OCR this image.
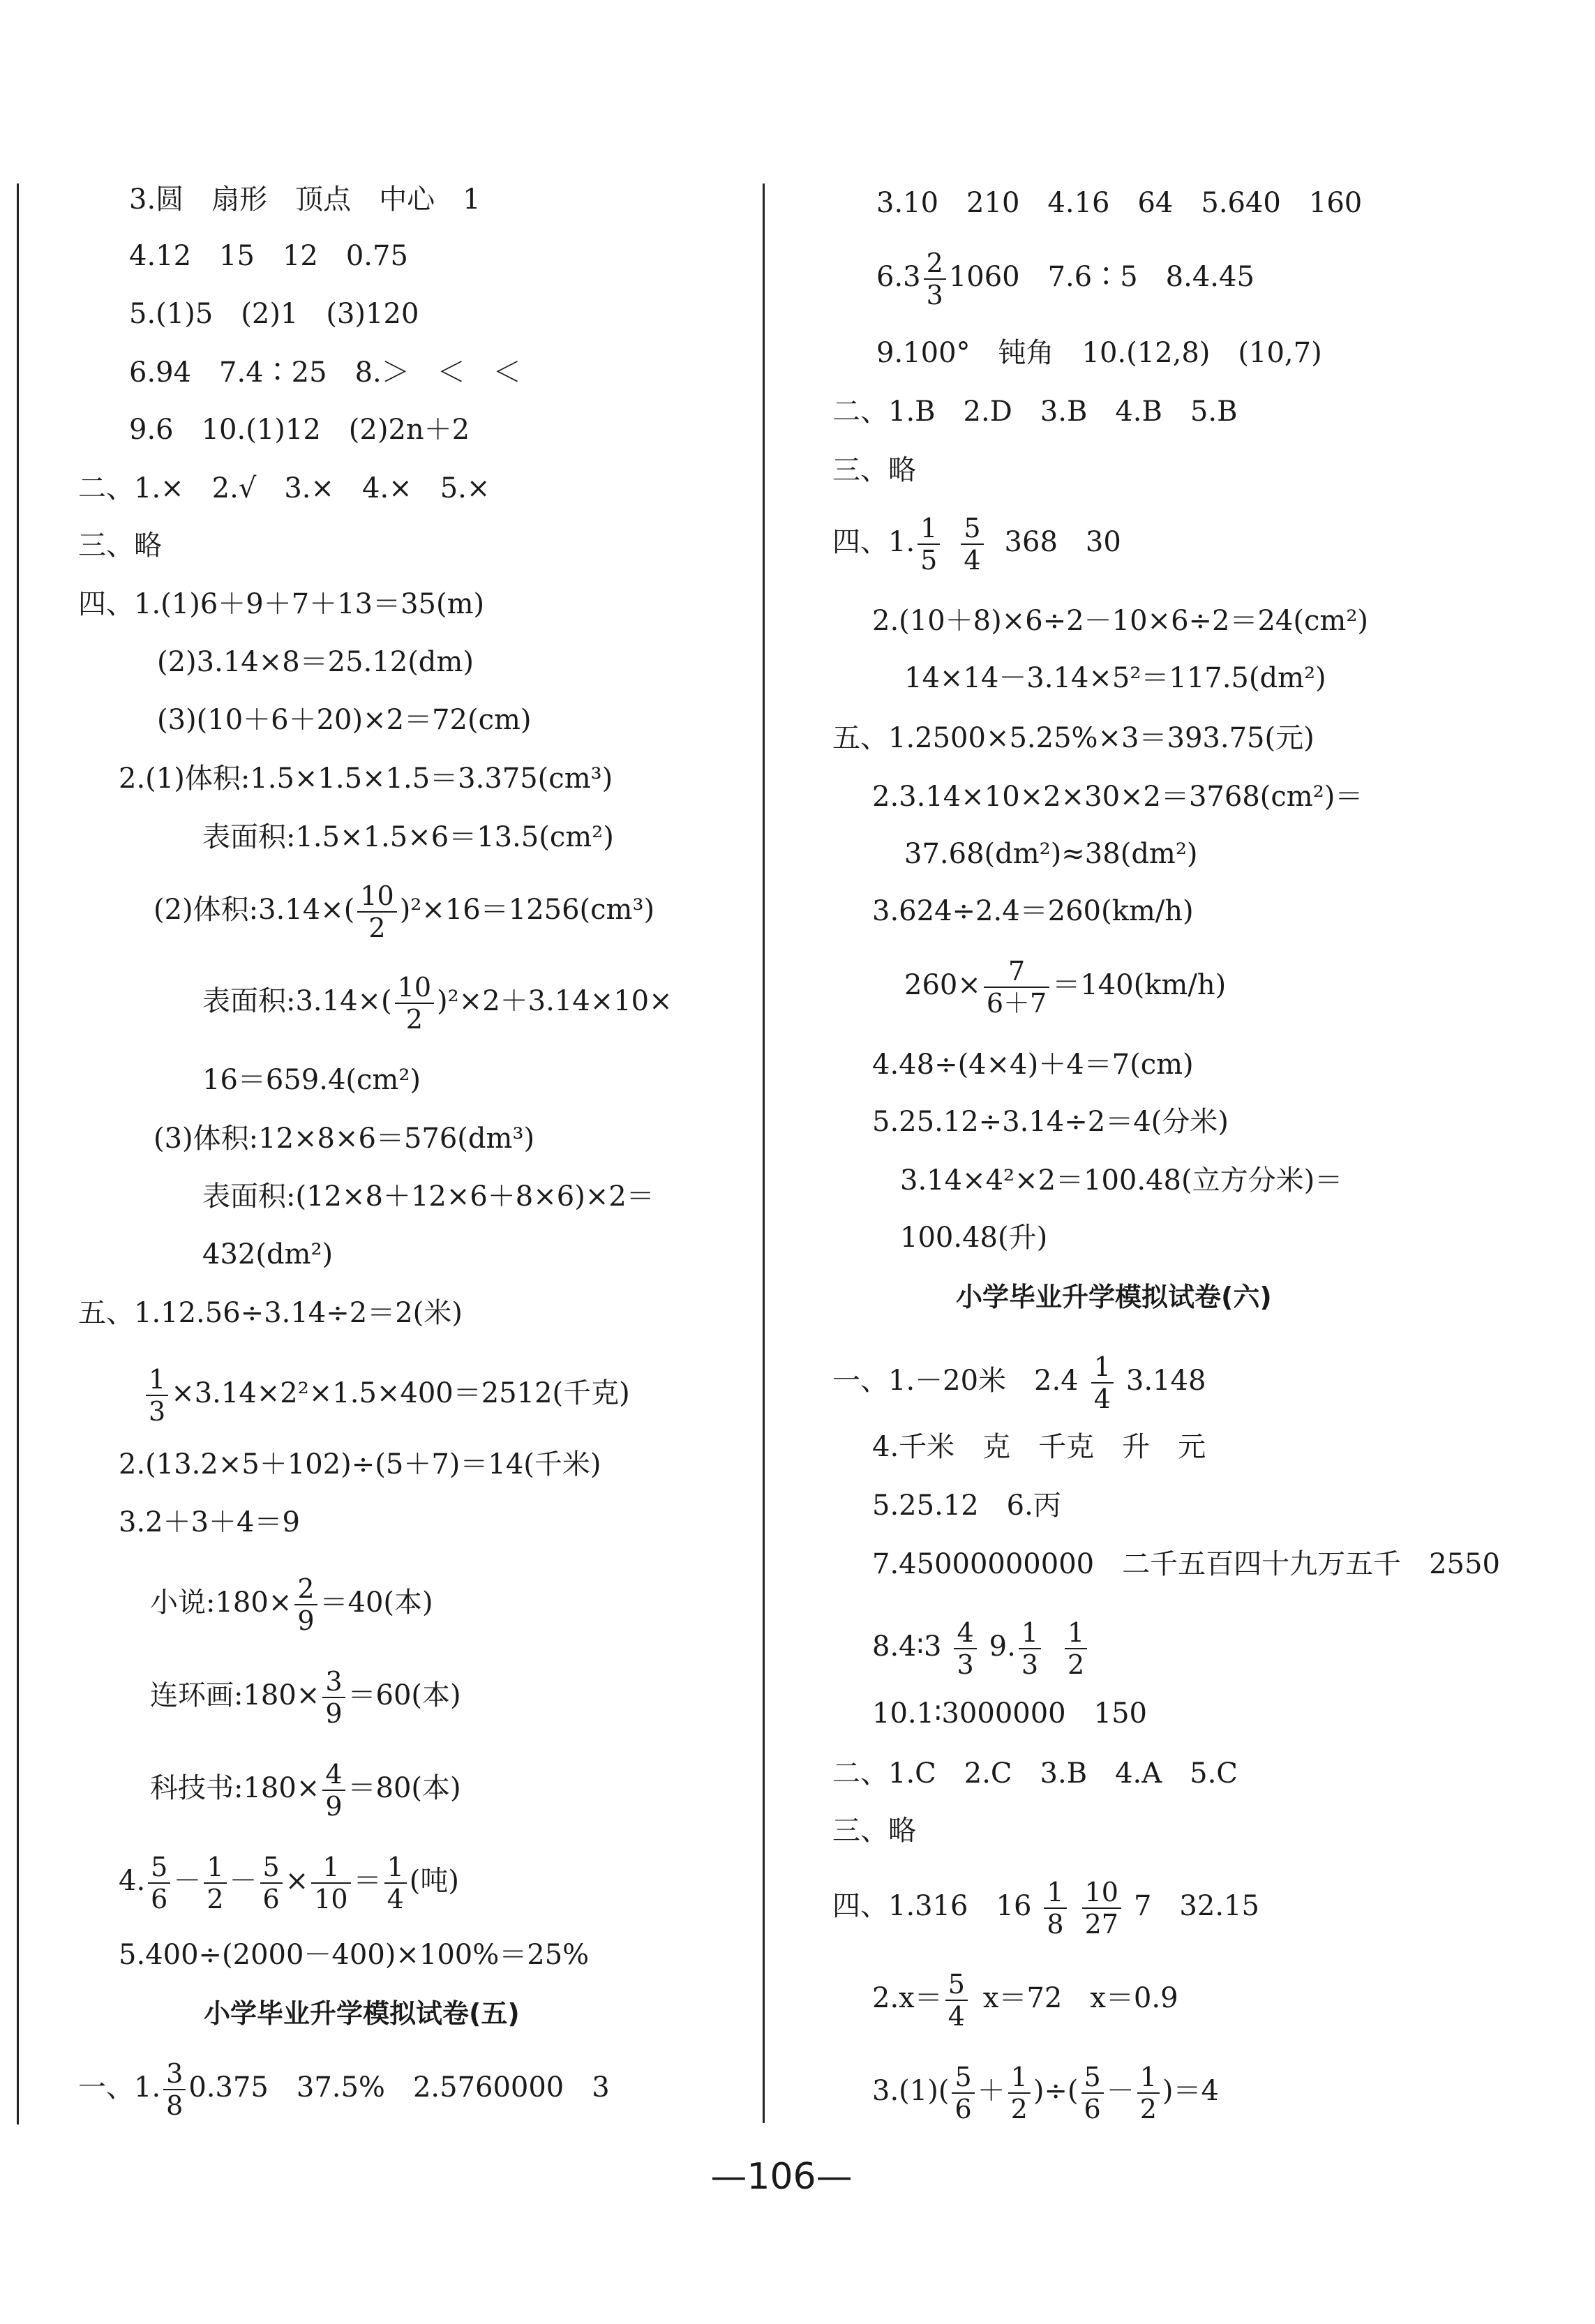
3.圆　扇形　顶点　中心　1
4.12　15　12　0.75
5.(1)5　(2)1　(3)120
6.94　7.4∶25　8.＞　＜　＜
9.6　10.(1)12　(2)2n＋2
二、1.×　2.√　3.×　4.×　5.×
三、略
四、1.(1)6＋9＋7＋13＝35(m)
(2)3.14×8＝25.12(dm)
(3)(10＋6＋20)×2＝72(cm)
2.(1)体积:1.5×1.5×1.5＝3.375(cm³)
表面积:1.5×1.5×6＝13.5(cm²)
(2)体积:3.14×( $\frac{10}{2} )^2\times 16=1256(cm^3)$
表面积:3.14×( $\frac{10}{2} )^2\times 2+3.14\times 10\times$
16＝659.4(cm²)
(3)体积:12×8×6＝576(dm³)
表面积:(12×8＋12×6＋8×6)×2＝
432(dm²)
五、1.12.56÷3.14÷2＝2(米)
$\frac{1}{3} \times 3.14\times 2^2\times 1.5\times 400=2512$(千克)
2.(13.2×5＋102)÷(5＋7)＝14(千米)
3.2＋3＋4＝9
小说:180× $\frac{2}{9} =40$(本)
连环画:180× $\frac{3}{9} =60$(本)
科技书:180× $\frac{4}{9} =80$(本)
4. $\frac{5}{6} - \frac{1}{2} - \frac{5}{6} \times \frac{1}{10} = \frac{1}{4}$ (吨)
5.400÷(2000－400)×100%＝25%
小学毕业升学模拟试卷(五)
一、1. $\frac{3}{8} 0.375$　37.5%　2.5760000　3
3.10　210　4.16　64　5.640　160
$6.3 \frac{2}{3} 1060$　7.6∶5　8.4.45
9.100°　钝角　10.(12,8)　(10,7)
二、1.B　2.D　3.B　4.B　5.B
三、略
四、1. $\frac{1}{5} \frac{5}{4} 368$　30
2.(10＋8)×6÷2－10×6÷2＝24(cm²)
14×14－3.14×5²＝117.5(dm²)
五、1.2500×5.25%×3＝393.75(元)
2.3.14×10×2×30×2＝3768(cm²)＝
37.68(dm²)≈38(dm²)
3.624÷2.4＝260(km/h)
$260\times \frac{7}{6+7} =140(km/h)$
4.48÷(4×4)＋4＝7(cm)
5.25.12÷3.14÷2＝4(分米)
3.14×4²×2＝100.48(立方分米)＝
100.48(升)
小学毕业升学模拟试卷(六)
一、1.－20米　$2.4 \frac{1}{4} 3.148$
4.千米　克　千克　升　元
5.25.12　6.丙
7.45000000000　二千五百四十九万五千　2550
8.4∶3 $\frac{4}{3} 9$. $\frac{1}{3} \frac{1}{2}$
10.1∶3000000　150
二、1.C　2.C　3.B　4.A　5.C
三、略
四、1.316　$16 \frac{1}{8} \frac{10}{27} 7$　32.15
$2.x= \frac{5}{4} x=72$　x＝0.9
$3.(1)( \frac{5}{6} + \frac{1}{2}$ )÷( $\frac{5}{6} - \frac{1}{2} )=4$
—106—
